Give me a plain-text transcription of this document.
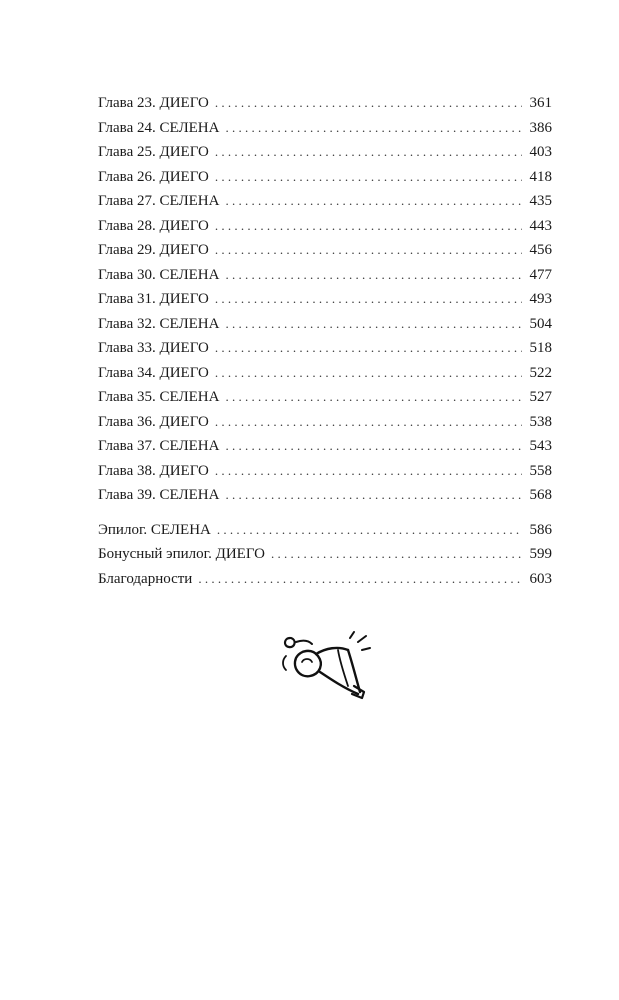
Глава 23. ДИЕГО . . .	361
Глава 24. СЕЛЕНА . . .	386
Глава 25. ДИЕГО . . .	403
Глава 26. ДИЕГО . . .	418
Глава 27. СЕЛЕНА . . .	435
Глава 28. ДИЕГО . . .	443
Глава 29. ДИЕГО . . .	456
Глава 30. СЕЛЕНА . . .	477
Глава 31. ДИЕГО . . .	493
Глава 32. СЕЛЕНА . . .	504
Глава 33. ДИЕГО . . .	518
Глава 34. ДИЕГО . . .	522
Глава 35. СЕЛЕНА . . .	527
Глава 36. ДИЕГО . . .	538
Глава 37. СЕЛЕНА . . .	543
Глава 38. ДИЕГО . . .	558
Глава 39. СЕЛЕНА . . .	568
Эпилог. СЕЛЕНА . . .	586
Бонусный эпилог. ДИЕГО . . .	599
Благодарности . . .	603
